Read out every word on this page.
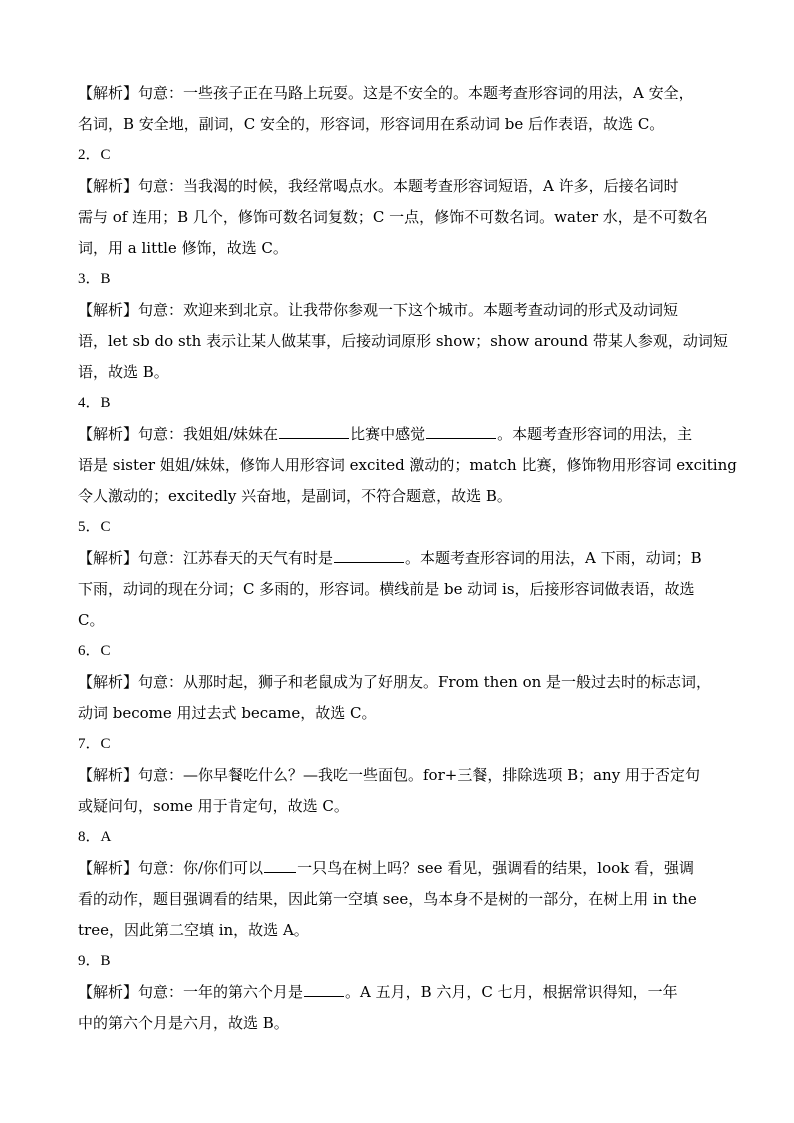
【解析】句意：一些孩子正在马路上玩耍。这是不安全的。本题考查形容词的用法，A 安全，
名词，B 安全地，副词，C 安全的，形容词，形容词用在系动词 be 后作表语，故选 C。
2．C
【解析】句意：当我渴的时候，我经常喝点水。本题考查形容词短语，A 许多，后接名词时
需与 of 连用；B 几个，修饰可数名词复数；C 一点，修饰不可数名词。water 水，是不可数名
词，用 a little 修饰，故选 C。
3．B
【解析】句意：欢迎来到北京。让我带你参观一下这个城市。本题考查动词的形式及动词短
语，let sb do sth 表示让某人做某事，后接动词原形 show；show around 带某人参观，动词短
语，故选 B。
4．B
【解析】句意：我姐姐/妹妹在	比赛中感觉	。本题考查形容词的用法，主
语是 sister 姐姐/妹妹，修饰人用形容词 excited 激动的；match 比赛，修饰物用形容词 exciting
令人激动的；excitedly 兴奋地，是副词，不符合题意，故选 B。
5．C
【解析】句意：江苏春天的天气有时是	。本题考查形容词的用法，A 下雨，动词；B
下雨，动词的现在分词；C 多雨的，形容词。横线前是 be 动词 is，后接形容词做表语，故选
C。
6．C
【解析】句意：从那时起，狮子和老鼠成为了好朋友。From then on 是一般过去时的标志词，
动词 become 用过去式 became，故选 C。
7．C
【解析】句意：—你早餐吃什么？—我吃一些面包。for+三餐，排除选项 B；any 用于否定句
或疑问句，some 用于肯定句，故选 C。
8．A
【解析】句意：你/你们可以 一只鸟在树上吗？see 看见，强调看的结果，look 看，强调
看的动作，题目强调看的结果，因此第一空填 see，鸟本身不是树的一部分，在树上用 in the
tree，因此第二空填 in，故选 A。
9．B
【解析】句意：一年的第六个月是	。A 五月，B 六月，C 七月，根据常识得知，一年
中的第六个月是六月，故选 B。
